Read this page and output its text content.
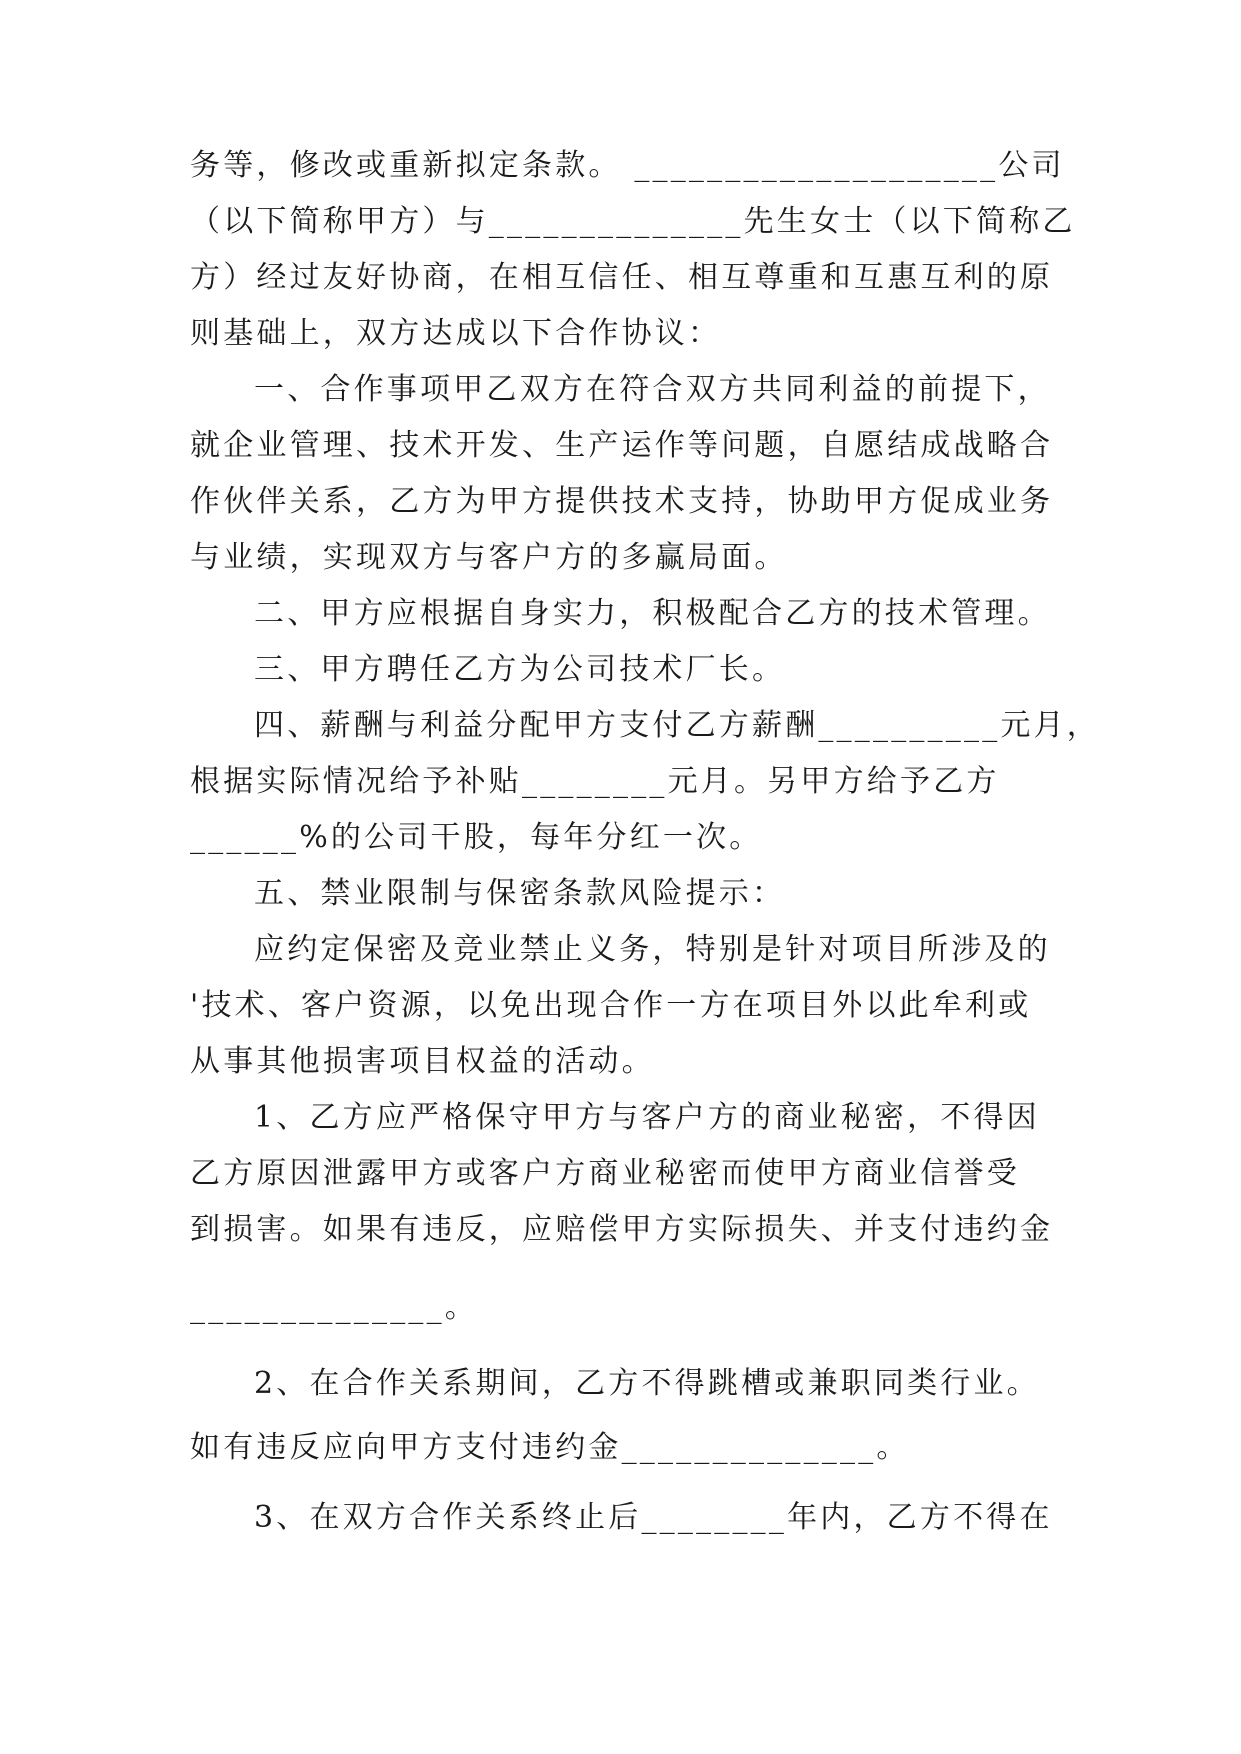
务等，修改或重新拟定条款。 ____________________公司
（以下简称甲方）与______________先生女士（以下简称乙
方）经过友好协商，在相互信任、相互尊重和互惠互利的原
则基础上，双方达成以下合作协议：
一、合作事项甲乙双方在符合双方共同利益的前提下，
就企业管理、技术开发、生产运作等问题，自愿结成战略合
作伙伴关系，乙方为甲方提供技术支持，协助甲方促成业务
与业绩，实现双方与客户方的多赢局面。
二、甲方应根据自身实力，积极配合乙方的技术管理。
三、甲方聘任乙方为公司技术厂长。
四、薪酬与利益分配甲方支付乙方薪酬__________元月，
根据实际情况给予补贴________元月。另甲方给予乙方
______%的公司干股，每年分红一次。
五、禁业限制与保密条款风险提示：
应约定保密及竞业禁止义务，特别是针对项目所涉及的
'技术、客户资源，以免出现合作一方在项目外以此牟利或
从事其他损害项目权益的活动。
1、乙方应严格保守甲方与客户方的商业秘密，不得因
乙方原因泄露甲方或客户方商业秘密而使甲方商业信誉受
到损害。如果有违反，应赔偿甲方实际损失、并支付违约金
______________。
2、在合作关系期间，乙方不得跳槽或兼职同类行业。
如有违反应向甲方支付违约金______________。
3、在双方合作关系终止后________年内，乙方不得在
